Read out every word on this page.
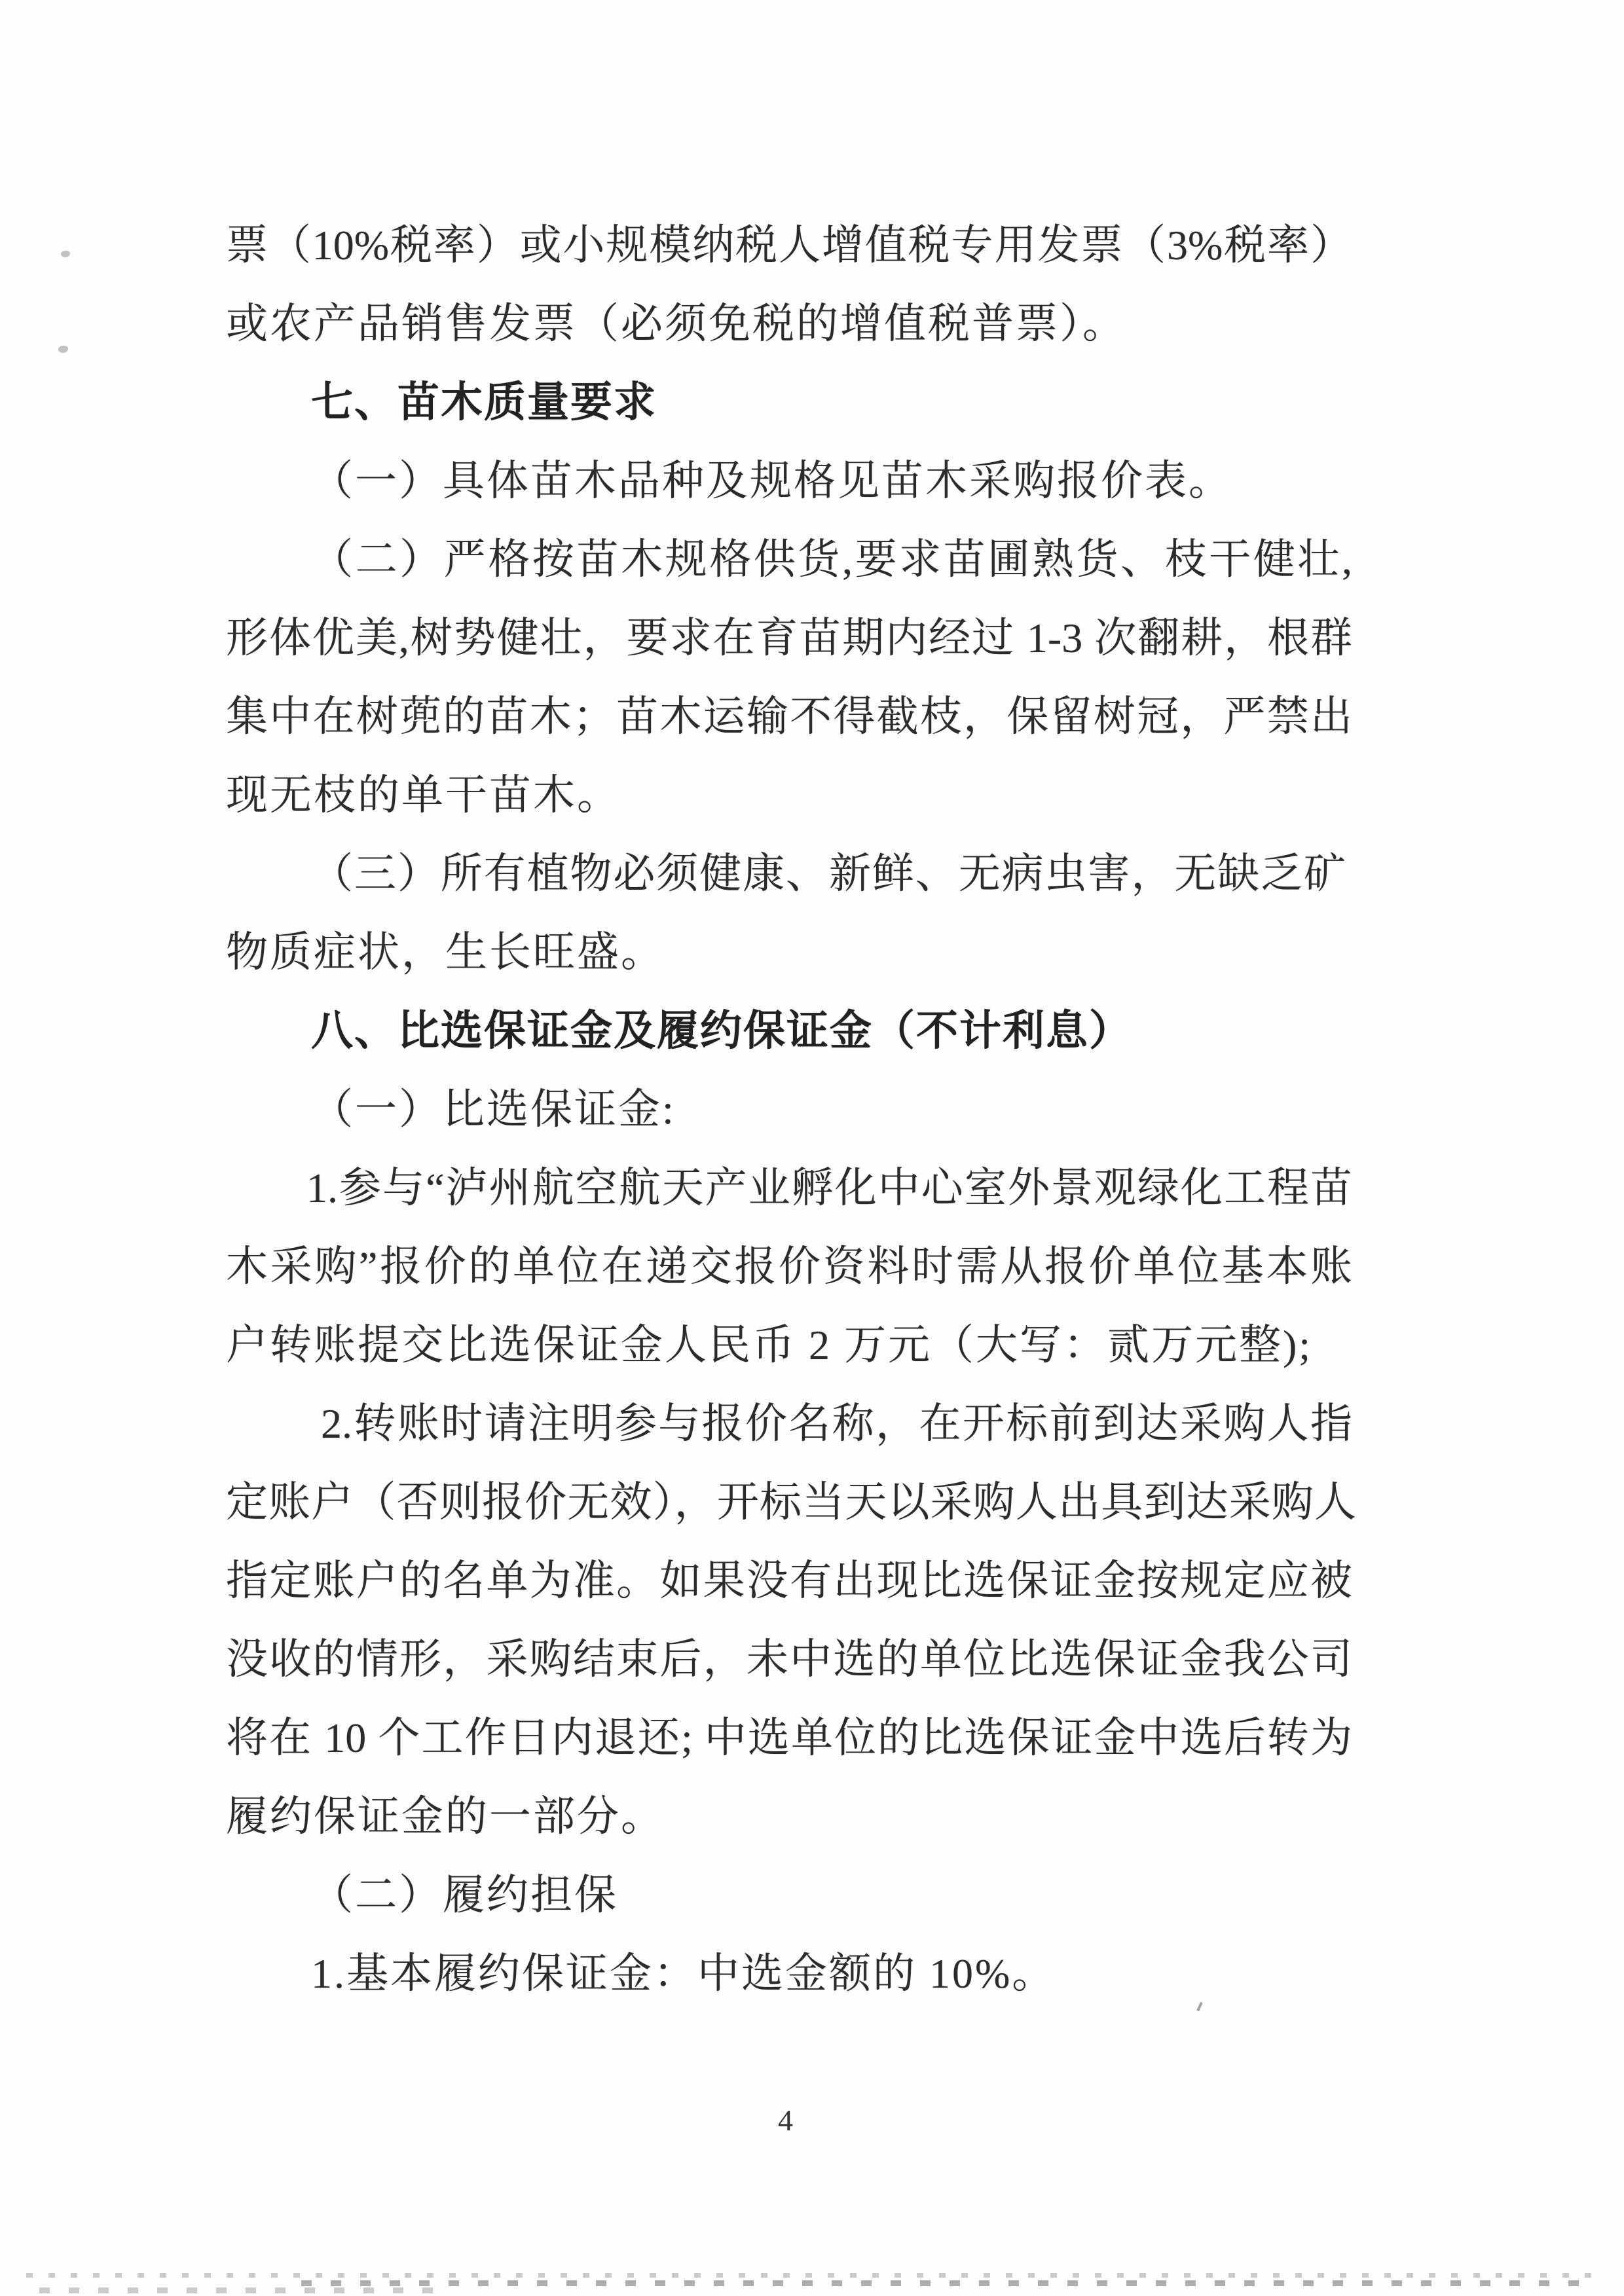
票（10%税率）或小规模纳税人增值税专用发票（3%税率）
或农产品销售发票（必须免税的增值税普票）。
七、苗木质量要求
（一）具体苗木品种及规格见苗木采购报价表。
（二）严格按苗木规格供货,要求苗圃熟货、枝干健壮,
形体优美,树势健壮，要求在育苗期内经过 1-3 次翻耕，根群
集中在树蔸的苗木；苗木运输不得截枝，保留树冠，严禁出
现无枝的单干苗木。
（三）所有植物必须健康、新鲜、无病虫害，无缺乏矿
物质症状，生长旺盛。
八、比选保证金及履约保证金（不计利息）
（一）比选保证金:
1.参与“泸州航空航天产业孵化中心室外景观绿化工程苗
木采购”报价的单位在递交报价资料时需从报价单位基本账
户转账提交比选保证金人民币 2 万元（大写：贰万元整);
2.转账时请注明参与报价名称，在开标前到达采购人指
定账户（否则报价无效），开标当天以采购人出具到达采购人
指定账户的名单为准。如果没有出现比选保证金按规定应被
没收的情形，采购结束后，未中选的单位比选保证金我公司
将在 10 个工作日内退还; 中选单位的比选保证金中选后转为
履约保证金的一部分。
（二）履约担保
1.基本履约保证金：中选金额的 10%。
4
